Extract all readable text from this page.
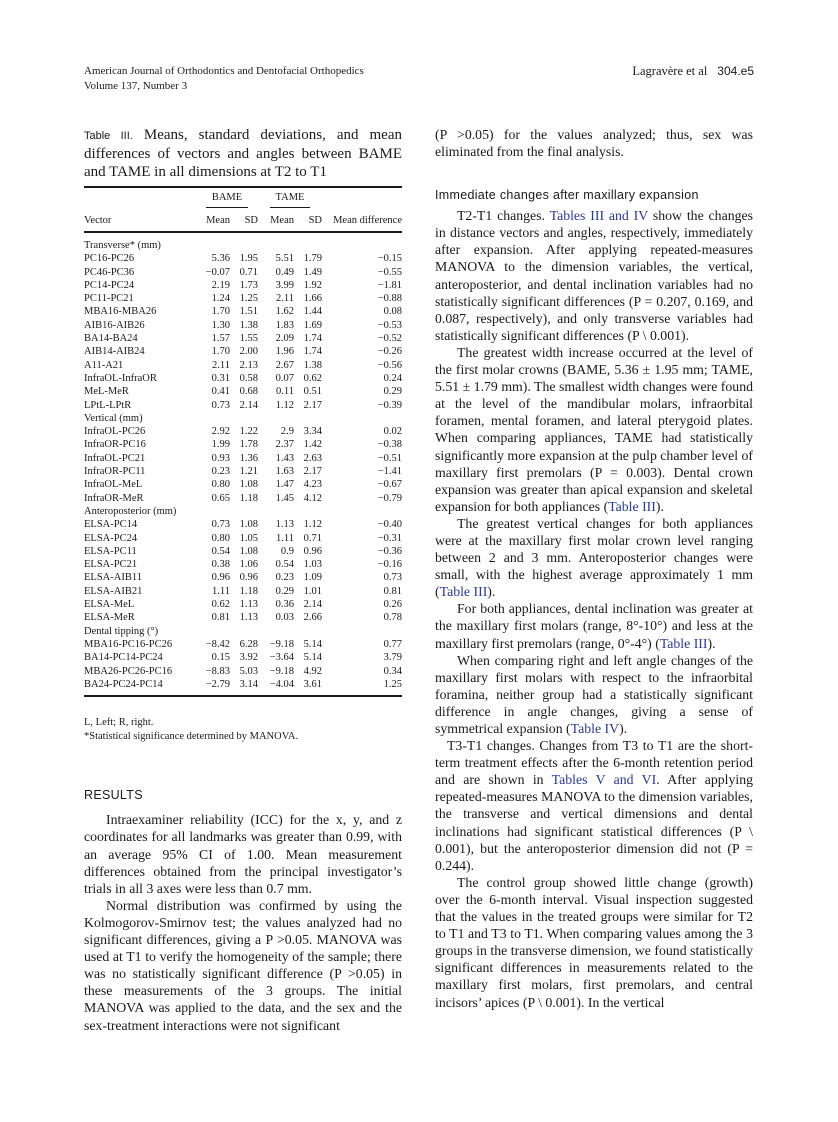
American Journal of Orthodontics and Dentofacial Orthopedics
Volume 137, Number 3
Lagravère et al 304.e5
Table III. Means, standard deviations, and mean differences of vectors and angles between BAME and TAME in all dimensions at T2 to T1
	BAME		TAME		
Vector	Mean	SD	Mean	SD	Mean difference
Transverse* (mm)					
PC16-PC26	5.36	1.95	5.51	1.79	−0.15
PC46-PC36	−0.07	0.71	0.49	1.49	−0.55
PC14-PC24	2.19	1.73	3.99	1.92	−1.81
PC11-PC21	1.24	1.25	2.11	1.66	−0.88
MBA16-MBA26	1.70	1.51	1.62	1.44	0.08
AIB16-AIB26	1.30	1.38	1.83	1.69	−0.53
BA14-BA24	1.57	1.55	2.09	1.74	−0.52
AIB14-AIB24	1.70	2.00	1.96	1.74	−0.26
A11-A21	2.11	2.13	2.67	1.38	−0.56
InfraOL-InfraOR	0.31	0.58	0.07	0.62	0.24
MeL-MeR	0.41	0.68	0.11	0.51	0.29
LPtL-LPtR	0.73	2.14	1.12	2.17	−0.39
Vertical (mm)					
InfraOL-PC26	2.92	1.22	2.9	3.34	0.02
InfraOR-PC16	1.99	1.78	2.37	1.42	−0.38
InfraOL-PC21	0.93	1.36	1.43	2.63	−0.51
InfraOR-PC11	0.23	1.21	1.63	2.17	−1.41
InfraOL-MeL	0.80	1.08	1.47	4.23	−0.67
InfraOR-MeR	0.65	1.18	1.45	4.12	−0.79
Anteroposterior (mm)					
ELSA-PC14	0.73	1.08	1.13	1.12	−0.40
ELSA-PC24	0.80	1.05	1.11	0.71	−0.31
ELSA-PC11	0.54	1.08	0.9	0.96	−0.36
ELSA-PC21	0.38	1.06	0.54	1.03	−0.16
ELSA-AIB11	0.96	0.96	0.23	1.09	0.73
ELSA-AIB21	1.11	1.18	0.29	1.01	0.81
ELSA-MeL	0.62	1.13	0.36	2.14	0.26
ELSA-MeR	0.81	1.13	0.03	2.66	0.78
Dental tipping (°)					
MBA16-PC16-PC26	−8.42	6.28	−9.18	5.14	0.77
BA14-PC14-PC24	0.15	3.92	−3.64	5.14	3.79
MBA26-PC26-PC16	−8.83	5.03	−9.18	4.92	0.34
BA24-PC24-PC14	−2.79	3.14	−4.04	3.61	1.25

L, Left; R, right.
*Statistical significance determined by MANOVA.
RESULTS

Intraexaminer reliability (ICC) for the x, y, and z coordinates for all landmarks was greater than 0.99, with an average 95% CI of 1.00. Mean measurement differences obtained from the principal investigator’s trials in all 3 axes were less than 0.7 mm.

Normal distribution was confirmed by using the Kolmogorov-Smirnov test; the values analyzed had no significant differences, giving a P >0.05. MANOVA was used at T1 to verify the homogeneity of the sample; there was no statistically significant difference (P >0.05) in these measurements of the 3 groups. The initial MANOVA was applied to the data, and the sex and the sex-treatment interactions were not significant

(P >0.05) for the values analyzed; thus, sex was eliminated from the final analysis.

Immediate changes after maxillary expansion

T2-T1 changes. Tables III and IV show the changes in distance vectors and angles, respectively, immediately after expansion. After applying repeated-measures MANOVA to the dimension variables, the vertical, anteroposterior, and dental inclination variables had no statistically significant differences (P = 0.207, 0.169, and 0.087, respectively), and only transverse variables had statistically significant differences (P \ 0.001).

The greatest width increase occurred at the level of the first molar crowns (BAME, 5.36 ± 1.95 mm; TAME, 5.51 ± 1.79 mm). The smallest width changes were found at the level of the mandibular molars, infraorbital foramen, mental foramen, and lateral pterygoid plates. When comparing appliances, TAME had statistically significantly more expansion at the pulp chamber level of maxillary first premolars (P = 0.003). Dental crown expansion was greater than apical expansion and skeletal expansion for both appliances (Table III).

The greatest vertical changes for both appliances were at the maxillary first molar crown level ranging between 2 and 3 mm. Anteroposterior changes were small, with the highest average approximately 1 mm (Table III).

For both appliances, dental inclination was greater at the maxillary first molars (range, 8°-10°) and less at the maxillary first premolars (range, 0°-4°) (Table III).

When comparing right and left angle changes of the maxillary first molars with respect to the infraorbital foramina, neither group had a statistically significant difference in angle changes, giving a sense of symmetrical expansion (Table IV).

T3-T1 changes. Changes from T3 to T1 are the short-term treatment effects after the 6-month retention period and are shown in Tables V and VI. After applying repeated-measures MANOVA to the dimension variables, the transverse and vertical dimensions and dental inclinations had significant statistical differences (P \ 0.001), but the anteroposterior dimension did not (P = 0.244).

The control group showed little change (growth) over the 6-month interval. Visual inspection suggested that the values in the treated groups were similar for T2 to T1 and T3 to T1. When comparing values among the 3 groups in the transverse dimension, we found statistically significant differences in measurements related to the maxillary first molars, first premolars, and central incisors’ apices (P \ 0.001). In the vertical
